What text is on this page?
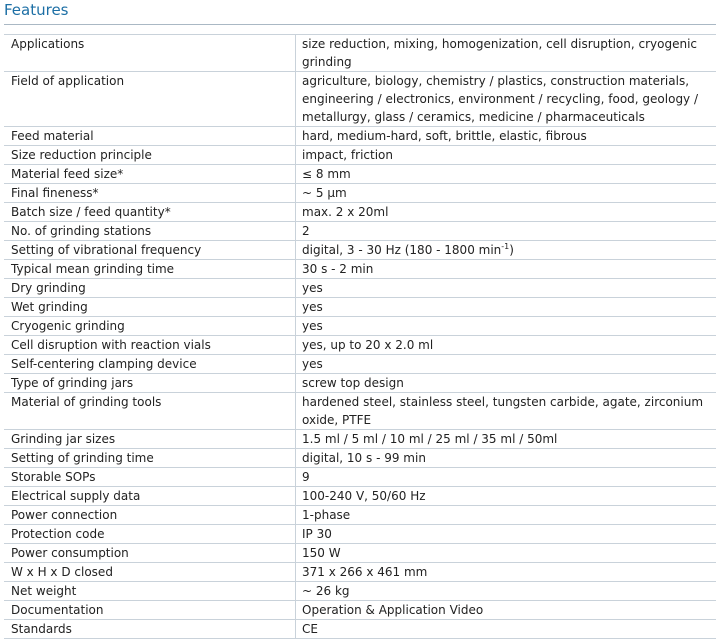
Features
Applications	size reduction, mixing, homogenization, cell disruption, cryogenic grinding
Field of application	agriculture, biology, chemistry / plastics, construction materials, engineering / electronics, environment / recycling, food, geology / metallurgy, glass / ceramics, medicine / pharmaceuticals
Feed material	hard, medium-hard, soft, brittle, elastic, fibrous
Size reduction principle	impact, friction
Material feed size*	≤ 8 mm
Final fineness*	~ 5 µm
Batch size / feed quantity*	max. 2 x 20ml
No. of grinding stations	2
Setting of vibrational frequency	digital, 3 - 30 Hz (180 - 1800 $\min^{-1}$)
Typical mean grinding time	30 s - 2 min
Dry grinding	yes
Wet grinding	yes
Cryogenic grinding	yes
Cell disruption with reaction vials	yes, up to 20 x 2.0 ml
Self-centering clamping device	yes
Type of grinding jars	screw top design
Material of grinding tools	hardened steel, stainless steel, tungsten carbide, agate, zirconium oxide, PTFE
Grinding jar sizes	1.5 ml / 5 ml / 10 ml / 25 ml / 35 ml / 50ml
Setting of grinding time	digital, 10 s - 99 min
Storable SOPs	9
Electrical supply data	100-240 V, 50/60 Hz
Power connection	1-phase
Protection code	IP 30
Power consumption	150 W
W x H x D closed	371 x 266 x 461 mm
Net weight	~ 26 kg
Documentation	Operation & Application Video
Standards	CE
